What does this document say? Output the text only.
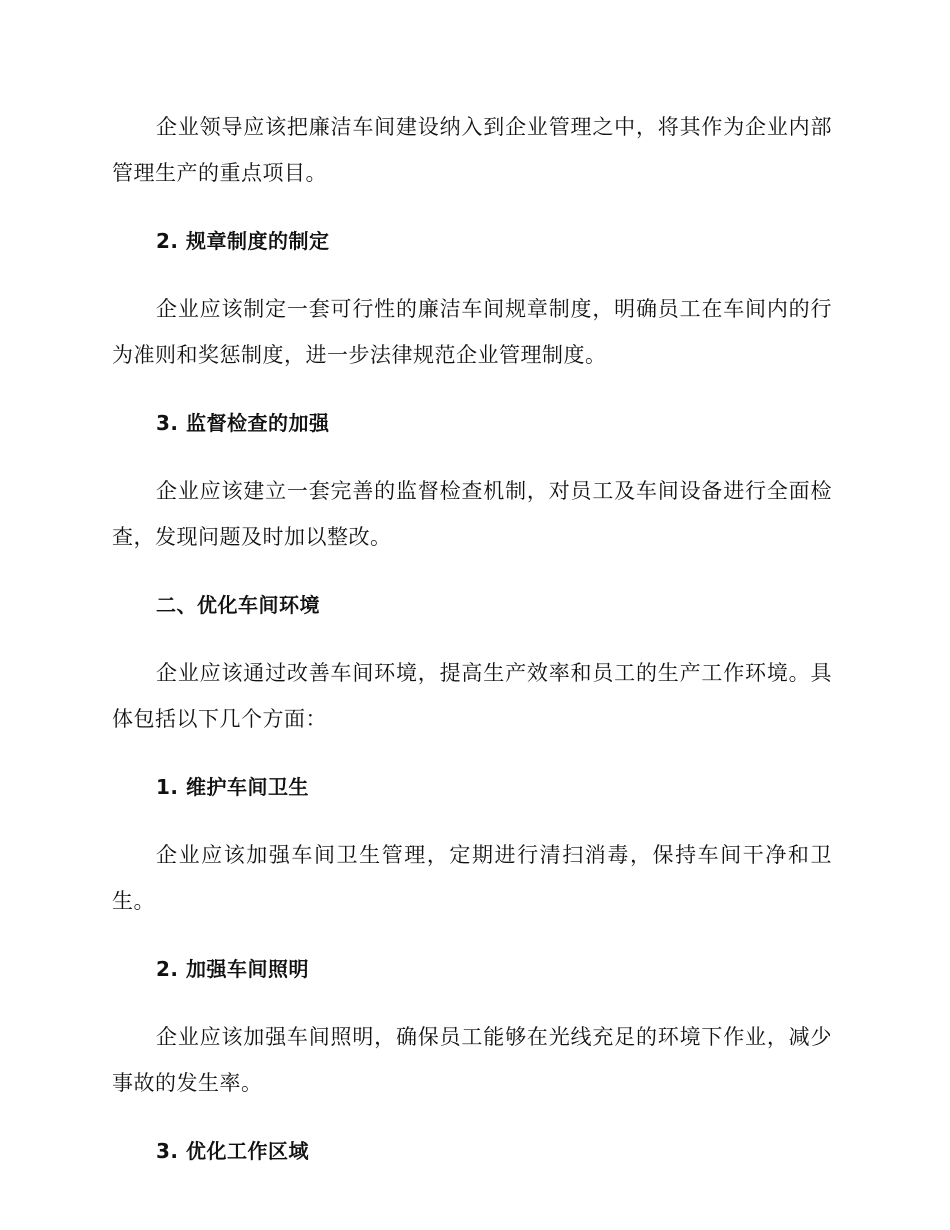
企业领导应该把廉洁车间建设纳入到企业管理之中，将其作为企业内部管理生产的重点项目。

2. 规章制度的制定

企业应该制定一套可行性的廉洁车间规章制度，明确员工在车间内的行为准则和奖惩制度，进一步法律规范企业管理制度。

3. 监督检查的加强

企业应该建立一套完善的监督检查机制，对员工及车间设备进行全面检查，发现问题及时加以整改。

二、优化车间环境

企业应该通过改善车间环境，提高生产效率和员工的生产工作环境。具体包括以下几个方面：

1. 维护车间卫生

企业应该加强车间卫生管理，定期进行清扫消毒，保持车间干净和卫生。

2. 加强车间照明

企业应该加强车间照明，确保员工能够在光线充足的环境下作业，减少事故的发生率。

3. 优化工作区域
